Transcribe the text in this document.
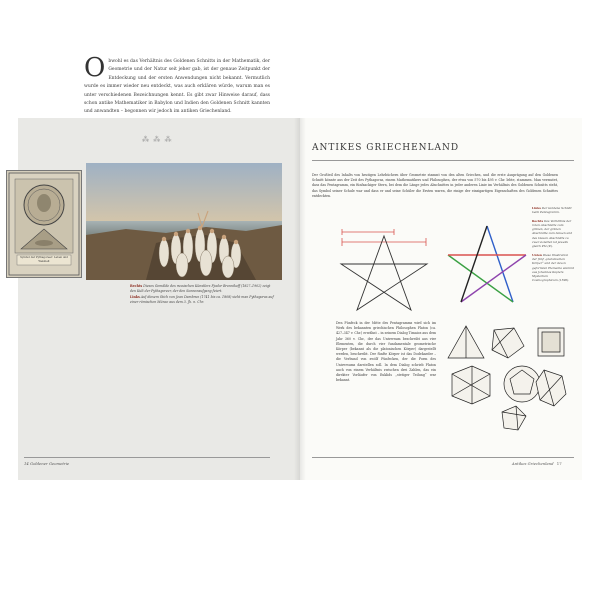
O bwohl es das Verhältnis des Goldenen Schnitts in der Mathematik, der Geometrie und der Natur seit jeher gab, ist der genaue Zeitpunkt der Entdeckung und der ersten Anwendungen nicht bekannt. Vermutlich wurde es immer wieder neu entdeckt, was auch erklären würde, warum man es unter verschiedenen Bezeichnungen kennt. Es gibt zwar Hinweise darauf, dass schon antike Mathematiker in Babylon und Indien den Goldenen Schnitt kannten und anwandten – begonnen wir jedoch im antiken Griechenland.
⁂ ⁂ ⁂
Symbol der Pythagoreer: Leben und Weisheit
Rechts Dieses Gemälde des russischen Künstlers Fjodor Bronnikoff (1827–1902) zeigt den Kult der Pythagoreer, der den Sonnenaufgang feiert.
Links Auf diesem Stich von Jean Dambrun (1741 bis ca. 1808) sieht man Pythagoras auf einer römischen Münze aus dem 3. Jh. n. Chr.
14 Goldener Geometrie
ANTIKES GRIECHENLAND
Der Großteil des Inhalts von heutigen Lehrbüchern über Geometrie stammt von den alten Griechen, und die erste Ausprägung auf den Goldenen Schnitt könnte aus der Zeit des Pythagoras, einem Mathematikers und Philosophen, der etwa von 570 bis 495 v. Chr. lebte, stammen. Man vermutet, dass das Pentagramm, ein fünfzackiger Stern, bei dem die Länge jedes Abschnittes in jeder anderen Linie im Verhältnis des Goldenen Schnitts steht, das Symbol seiner Schule war und dass er und seine Schüler die Ersten waren, die einige der einzigartigen Eigenschaften des Goldenen Schnittes entdeckten.

Links Der Goldene Schnitt beim Pentagramm.

Rechts Das Verhältnis der roten Abschnitte zum grünen, der grünen Abschnitte zum blauen und des blauen Abschnitts zu zwei violetten ist jeweils gleich Phi (Φ).

Unten Diese Illustration der fünf „platonischen Körper“ und der davon geformten Elemente stammt aus Johannes Keplers Mysterium Cosmographicum (1596).

Den Fünfeck in der Mitte des Pentagramms wird sich im Werk des bekannten griechischen Philosophen Platon (ca. 427–347 v. Chr.) erwähnt – in seinem Dialog Timaios aus dem Jahr 360 v. Chr., der das Universum beschreibt aus vier Elementen, die durch vier fundamentale geometrische Körper (bekannt als die platonischen Körper) dargestellt werden, beschreibt. Der fünfte Körper ist das Dodekaeder – die Verbund von zwölf Fünfecken, der die Form des Universums darstellen soll. In dem Dialog schrieb Platon auch von einem Verhältnis zwischen drei Zahlen, das ein direkter Vorläufer von Euklids „stetiger Teilung“ war bekannt.
Antikes Griechenland 17
